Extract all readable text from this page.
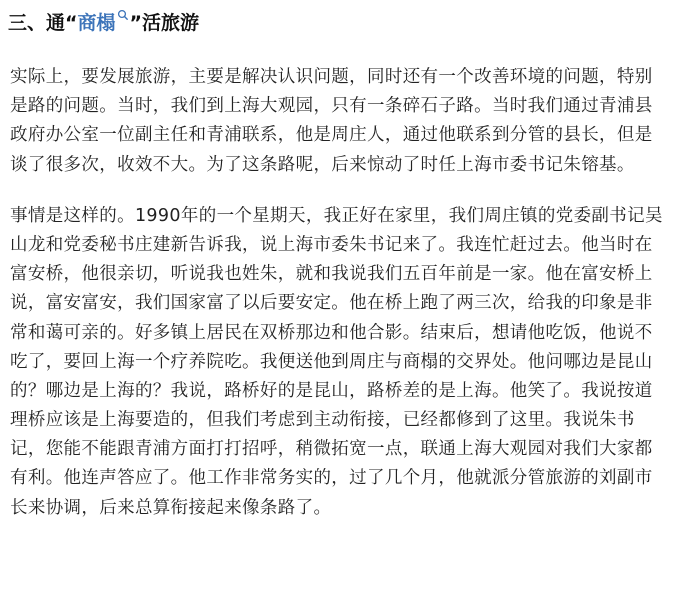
三、通“ 商榻 ”活旅游

实际上，要发展旅游，主要是解决认识问题，同时还有一个改善环境的问题，特别
是路的问题。当时，我们到上海大观园，只有一条碎石子路。当时我们通过青浦县
政府办公室一位副主任和青浦联系，他是周庄人，通过他联系到分管的县长，但是
谈了很多次，收效不大。为了这条路呢，后来惊动了时任上海市委书记朱镕基。

事情是这样的。1990年的一个星期天，我正好在家里，我们周庄镇的党委副书记吴
山龙和党委秘书庄建新告诉我，说上海市委朱书记来了。我连忙赶过去。他当时在
富安桥，他很亲切，听说我也姓朱，就和我说我们五百年前是一家。他在富安桥上
说，富安富安，我们国家富了以后要安定。他在桥上跑了两三次，给我的印象是非
常和蔼可亲的。好多镇上居民在双桥那边和他合影。结束后，想请他吃饭，他说不
吃了，要回上海一个疗养院吃。我便送他到周庄与商榻的交界处。他问哪边是昆山
的？哪边是上海的？我说，路桥好的是昆山，路桥差的是上海。他笑了。我说按道
理桥应该是上海要造的，但我们考虑到主动衔接，已经都修到了这里。我说朱书
记，您能不能跟青浦方面打打招呼，稍微拓宽一点，联通上海大观园对我们大家都
有利。他连声答应了。他工作非常务实的，过了几个月，他就派分管旅游的刘副市
长来协调，后来总算衔接起来像条路了。
